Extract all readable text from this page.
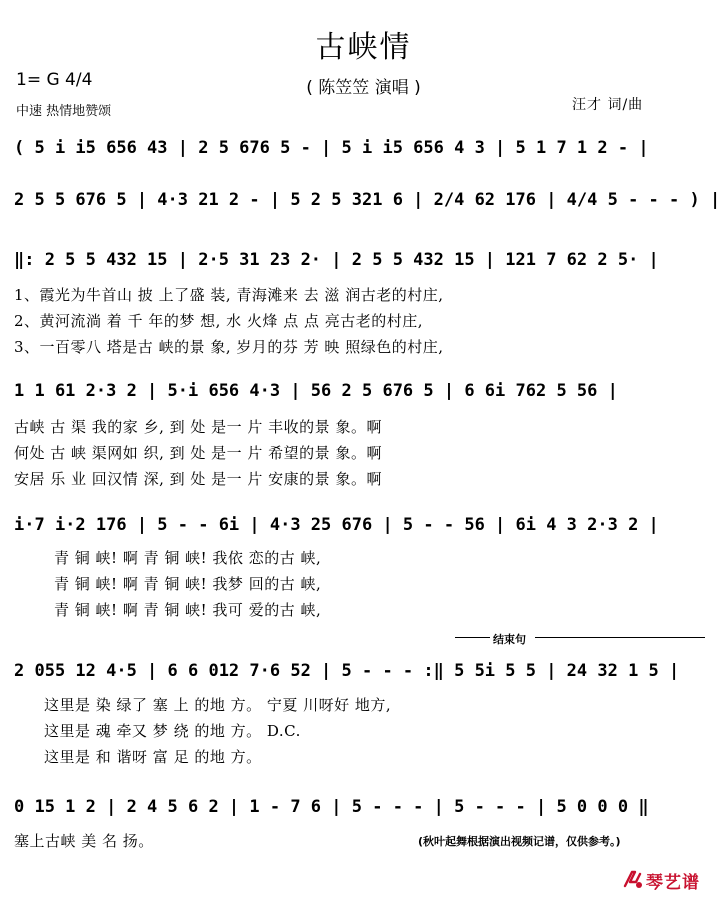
古峡情
( 陈笠笠 演唱 )
1= G 4/4
中速 热情地赞颂	汪才 词/曲
( 5 i i5 656 43 | 2 5 676 5 - | 5 i i5 656 4 3 | 5 1 7 1 2 - |
2 5 5 676 5 | 4·3 21 2 - | 5 2 5 321 6 | 2/4 62 176 | 4/4 5 - - - ) |
‖: 2 5 5 432 15 | 2·5 31 23 2· | 2 5 5 432 15 | 121 7 62 2 5· |
1、霞光为牛首山 披 上了盛 装, 青海滩来 去 滋 润古老的村庄,
2、黄河流淌 着 千 年的梦 想, 水 火烽 点 点 亮古老的村庄,
3、一百零八 塔是古 峡的景 象, 岁月的芬 芳 映 照绿色的村庄,
1 1 61 2·3 2 | 5·i 656 4·3 | 56 2 5 676 5 | 6 6i 762 5 56 |
古峡 古 渠 我的家 乡, 到 处 是一 片 丰收的景 象。啊
何处 古 峡 渠网如 织, 到 处 是一 片 希望的景 象。啊
安居 乐 业 回汉情 深, 到 处 是一 片 安康的景 象。啊
i·7 i·2 176 | 5 - - 6i | 4·3 25 676 | 5 - - 56 | 6i 4 3 2·3 2 |
青 铜 峡! 啊 青 铜 峡! 我依 恋的古 峡,
青 铜 峡! 啊 青 铜 峡! 我梦 回的古 峡,
青 铜 峡! 啊 青 铜 峡! 我可 爱的古 峡,
结束句
2 055 12 4·5 | 6 6 012 7·6 52 | 5 - - - :‖ 5 5i 5 5 | 24 32 1 5 |
这里是 染 绿了 塞 上 的地 方。 宁夏 川呀好 地方,
这里是 魂 牵又 梦 绕 的地 方。 D.C.
这里是 和 谐呀 富 足 的地 方。
0 15 1 2 | 2 4 5 6 2 | 1 - 7 6 | 5 - - - | 5 - - - | 5 0 0 0 ‖
塞上古峡 美 名 扬。	(秋叶起舞根据演出视频记谱，仅供参考。)
琴艺谱
